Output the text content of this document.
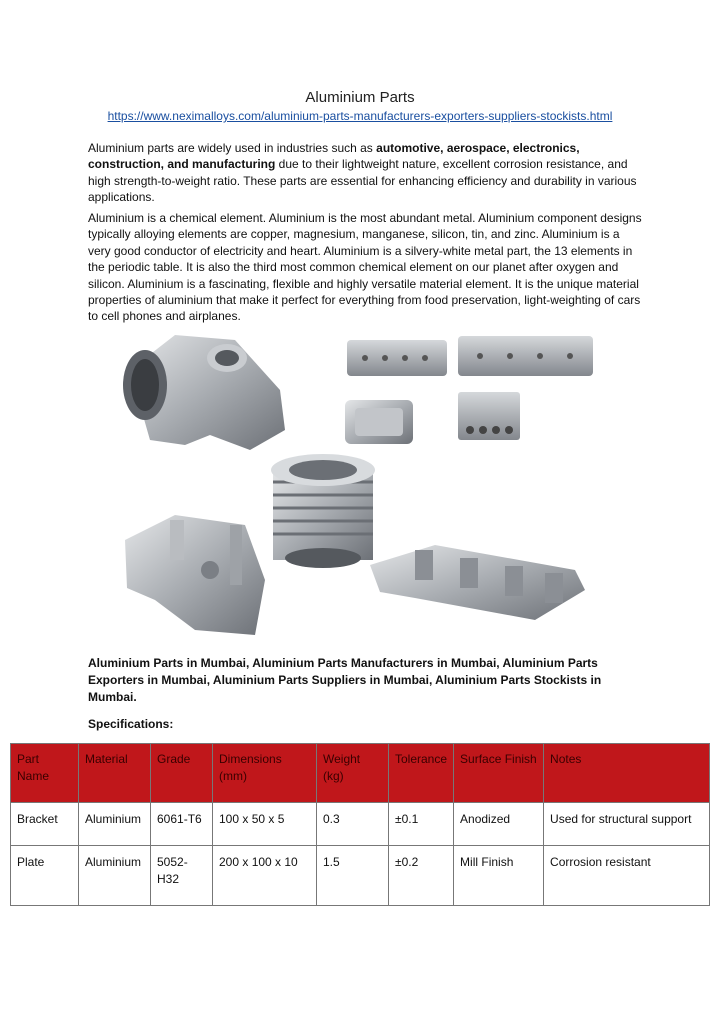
Aluminium Parts
https://www.neximalloys.com/aluminium-parts-manufacturers-exporters-suppliers-stockists.html
Aluminium parts are widely used in industries such as automotive, aerospace, electronics, construction, and manufacturing due to their lightweight nature, excellent corrosion resistance, and high strength-to-weight ratio. These parts are essential for enhancing efficiency and durability in various applications.
Aluminium is a chemical element. Aluminium is the most abundant metal. Aluminium component designs typically alloying elements are copper, magnesium, manganese, silicon, tin, and zinc. Aluminium is a very good conductor of electricity and heart. Aluminium is a silvery-white metal part, the 13 elements in the periodic table. It is also the third most common chemical element on our planet after oxygen and silicon. Aluminium is a fascinating, flexible and highly versatile material element. It is the unique material properties of aluminium that make it perfect for everything from food preservation, light-weighting of cars to cell phones and airplanes.
Aluminium Parts in Mumbai, Aluminium Parts Manufacturers in Mumbai, Aluminium Parts Exporters in Mumbai, Aluminium Parts Suppliers in Mumbai, Aluminium Parts Stockists in Mumbai.
Specifications:
Part Name	Material	Grade	Dimensions (mm)	Weight (kg)	Tolerance	Surface Finish	Notes
Bracket	Aluminium	6061-T6	100 x 50 x 5	0.3	±0.1	Anodized	Used for structural support
Plate	Aluminium	5052-H32	200 x 100 x 10	1.5	±0.2	Mill Finish	Corrosion resistant
